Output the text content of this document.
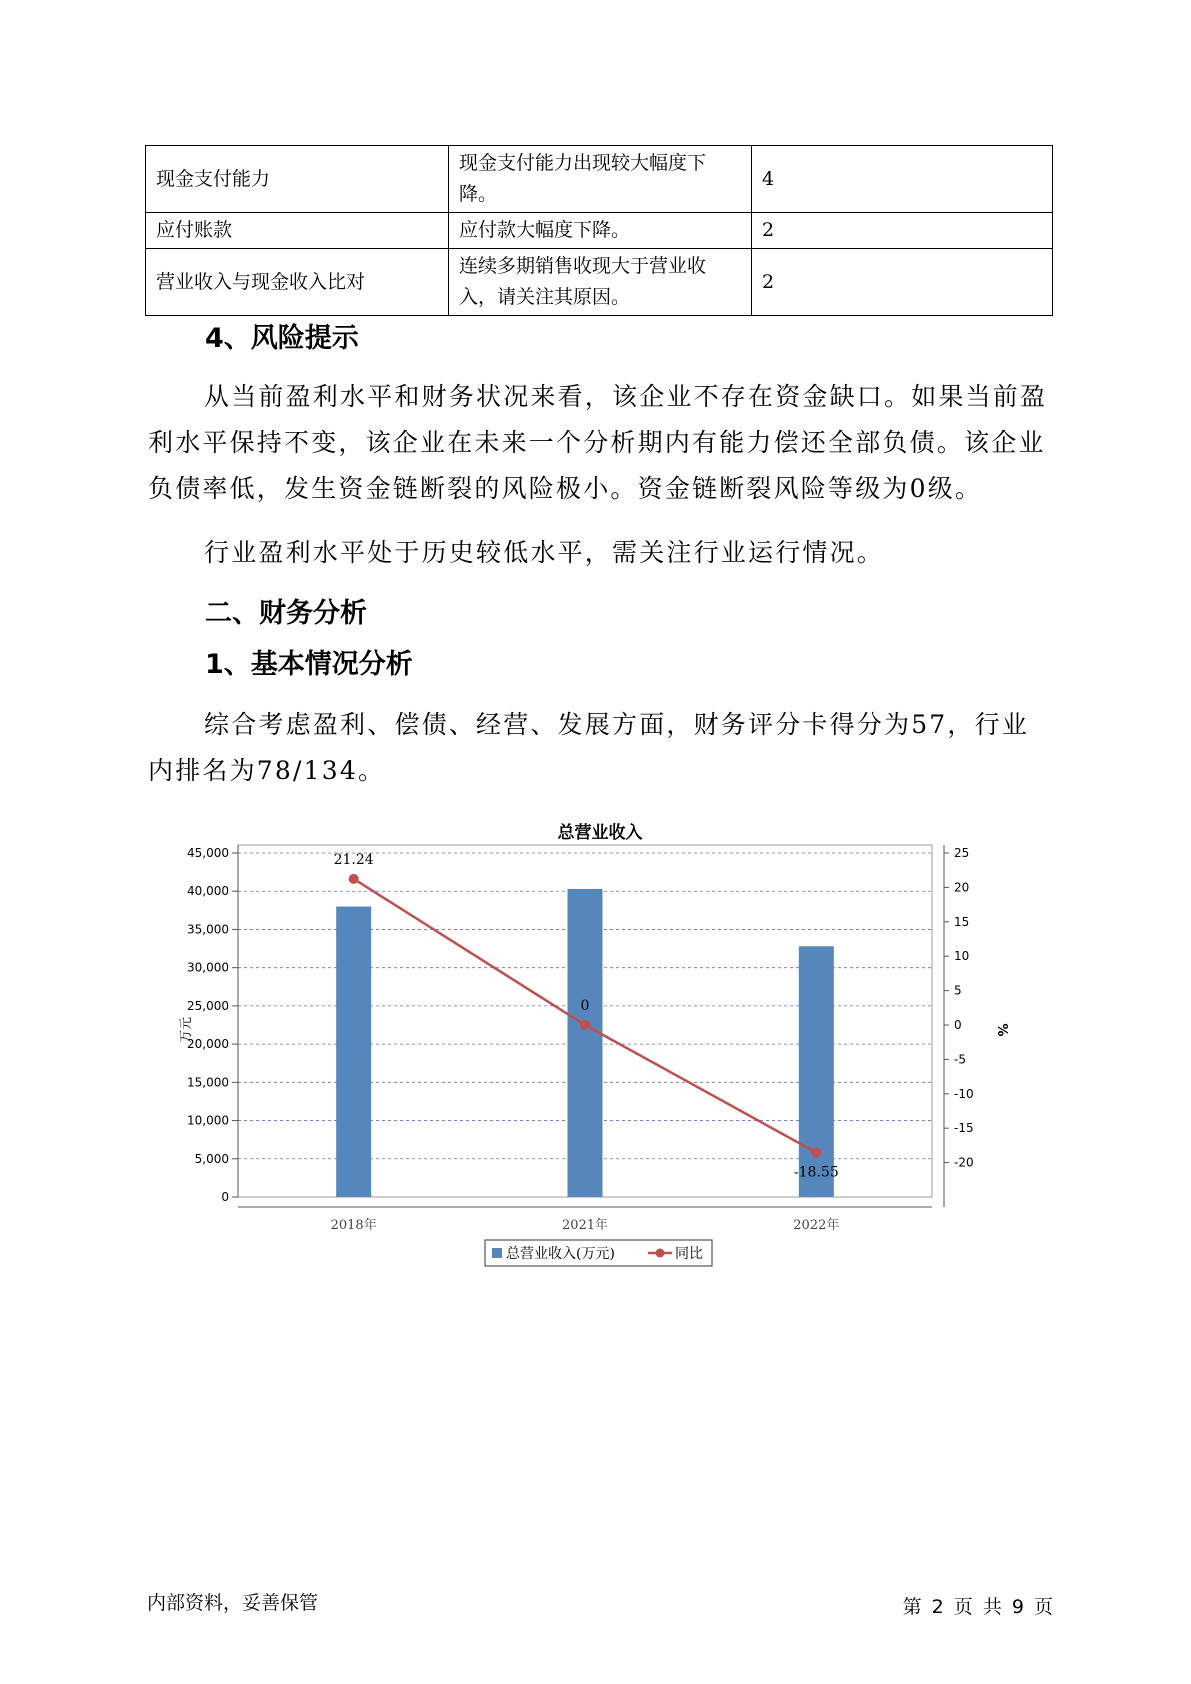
现金支付能力	现金支付能力出现较大幅度下降。	4
应付账款	应付款大幅度下降。	2
营业收入与现金收入比对	连续多期销售收现大于营业收入，请关注其原因。	2
4、风险提示

从当前盈利水平和财务状况来看，该企业不存在资金缺口。如果当前盈利水平保持不变，该企业在未来一个分析期内有能力偿还全部负债。该企业负债率低，发生资金链断裂的风险极小。资金链断裂风险等级为0级。

行业盈利水平处于历史较低水平，需关注行业运行情况。

二、财务分析
1、基本情况分析

综合考虑盈利、偿债、经营、发展方面，财务评分卡得分为57，行业内排名为78/134。

总营业收入
0
5,000
10,000
15,000
20,000
25,000
30,000
35,000
40,000
45,000
-20
-15
-10
-5
0
5
10
15
20
25
2018年	2021年	2022年
21.24
0
-18.55
万元	%
总营业收入(万元)	同比
内部资料，妥善保管	第 2 页 共 9 页
